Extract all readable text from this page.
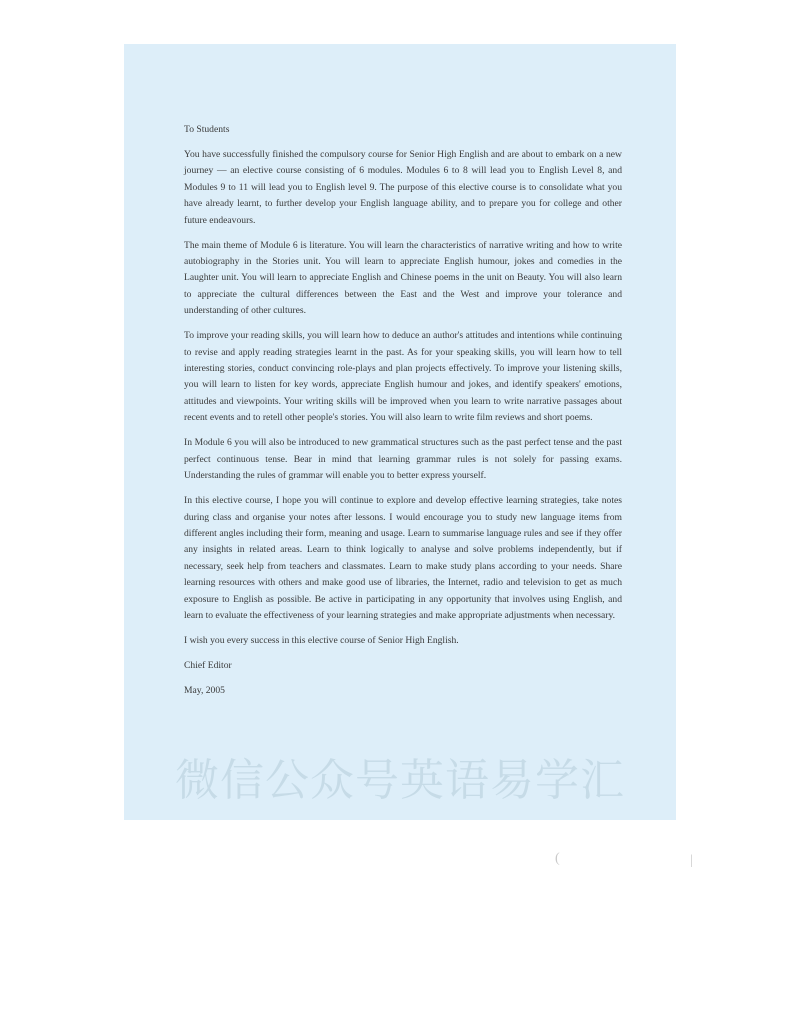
To Students

You have successfully finished the compulsory course for Senior High English and are about to embark on a new journey — an elective course consisting of 6 modules. Modules 6 to 8 will lead you to English Level 8, and Modules 9 to 11 will lead you to English level 9. The purpose of this elective course is to consolidate what you have already learnt, to further develop your English language ability, and to prepare you for college and other future endeavours.

The main theme of Module 6 is literature. You will learn the characteristics of narrative writing and how to write autobiography in the Stories unit. You will learn to appreciate English humour, jokes and comedies in the Laughter unit. You will learn to appreciate English and Chinese poems in the unit on Beauty. You will also learn to appreciate the cultural differences between the East and the West and improve your tolerance and understanding of other cultures.

To improve your reading skills, you will learn how to deduce an author's attitudes and intentions while continuing to revise and apply reading strategies learnt in the past. As for your speaking skills, you will learn how to tell interesting stories, conduct convincing role-plays and plan projects effectively. To improve your listening skills, you will learn to listen for key words, appreciate English humour and jokes, and identify speakers' emotions, attitudes and viewpoints. Your writing skills will be improved when you learn to write narrative passages about recent events and to retell other people's stories. You will also learn to write film reviews and short poems.

In Module 6 you will also be introduced to new grammatical structures such as the past perfect tense and the past perfect continuous tense. Bear in mind that learning grammar rules is not solely for passing exams. Understanding the rules of grammar will enable you to better express yourself.

In this elective course, I hope you will continue to explore and develop effective learning strategies, take notes during class and organise your notes after lessons. I would encourage you to study new language items from different angles including their form, meaning and usage. Learn to summarise language rules and see if they offer any insights in related areas. Learn to think logically to analyse and solve problems independently, but if necessary, seek help from teachers and classmates. Learn to make study plans according to your needs. Share learning resources with others and make good use of libraries, the Internet, radio and television to get as much exposure to English as possible. Be active in participating in any opportunity that involves using English, and learn to evaluate the effectiveness of your learning strategies and make appropriate adjustments when necessary.

I wish you every success in this elective course of Senior High English.

Chief Editor

May, 2005

微信公众号英语易学汇
(	|
